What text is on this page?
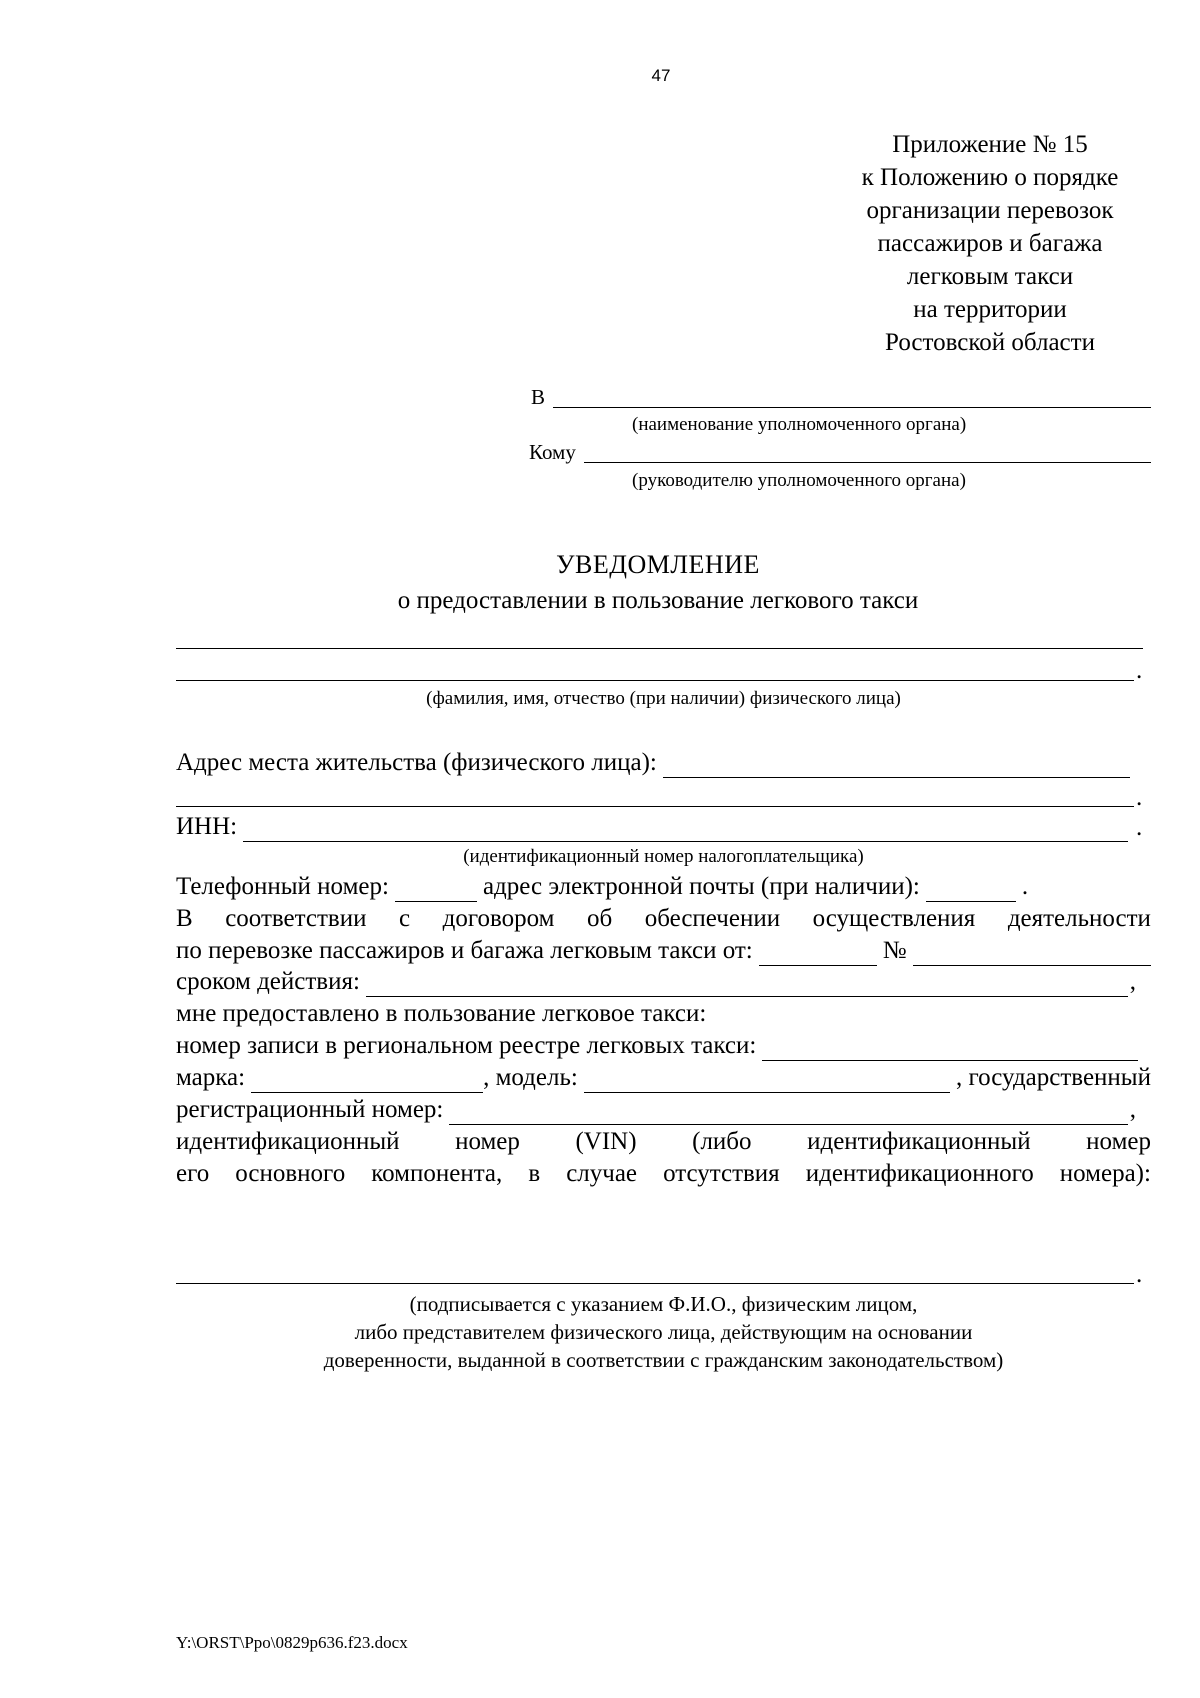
47
Приложение № 15
к Положению о порядке
организации перевозок
пассажиров и багажа
легковым такси
на территории
Ростовской области
В
(наименование уполномоченного органа)
Кому
(руководителю уполномоченного органа)
УВЕДОМЛЕНИЕ
о предоставлении в пользование легкового такси
.
(фамилия, имя, отчество (при наличии) физического лица)
Адрес места жительства (физического лица):
.
ИНН:	.
(идентификационный номер налогоплательщика)
Телефонный номер:	адрес электронной почты (при наличии):	.
В соответствии с договором об обеспечении осуществления деятельности
по перевозке пассажиров и багажа легковым такси от:	№
сроком действия:	,
мне предоставлено в пользование легковое такси:
номер записи в региональном реестре легковых такси:
марка:	, модель:	, государственный
регистрационный номер:	,
идентификационный номер (VIN) (либо идентификационный номер
его основного компонента, в случае отсутствия идентификационного номера):
.
(подписывается с указанием Ф.И.О., физическим лицом,
либо представителем физического лица, действующим на основании
доверенности, выданной в соответствии с гражданским законодательством)
Y:\ORST\Ppo\0829p636.f23.docx
